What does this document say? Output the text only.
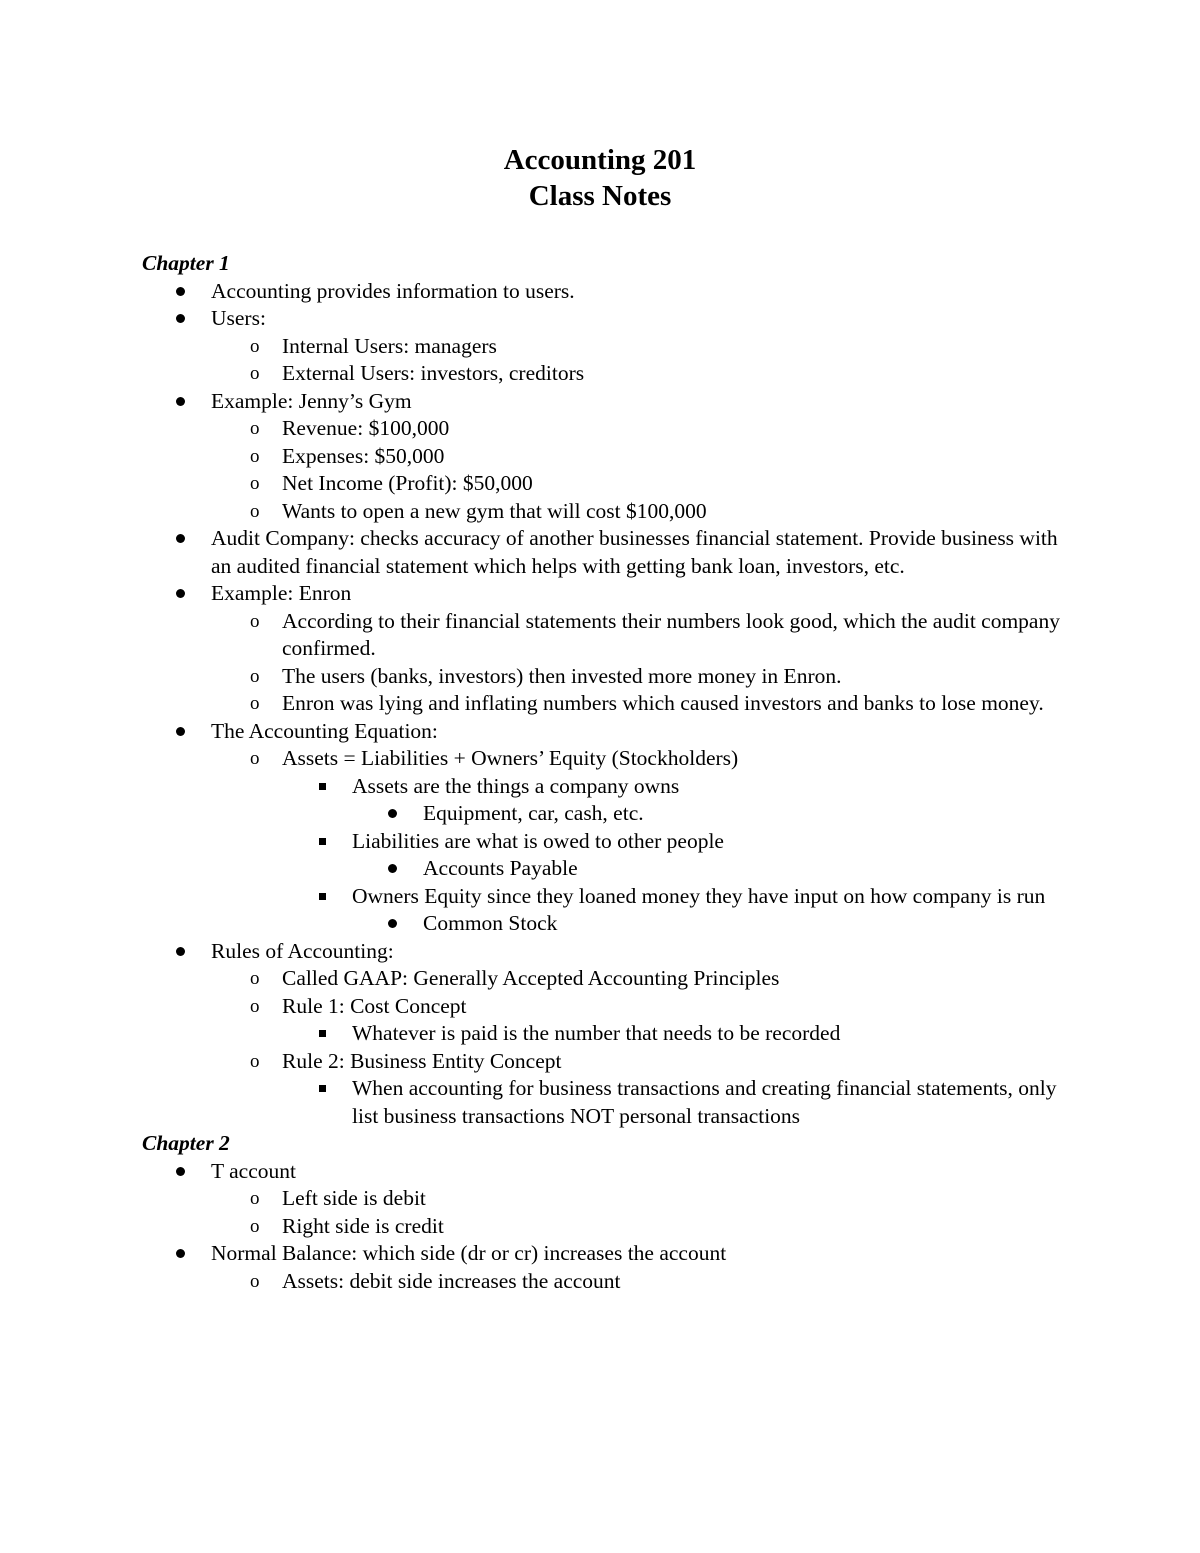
Accounting 201
Class Notes
Chapter 1
Accounting provides information to users.
Users:
o Internal Users: managers
o External Users: investors, creditors
Example: Jenny’s Gym
o Revenue: $100,000
o Expenses: $50,000
o Net Income (Profit): $50,000
o Wants to open a new gym that will cost $100,000
Audit Company: checks accuracy of another businesses financial statement. Provide business with an audited financial statement which helps with getting bank loan, investors, etc.
Example: Enron
o According to their financial statements their numbers look good, which the audit company confirmed.
o The users (banks, investors) then invested more money in Enron.
o Enron was lying and inflating numbers which caused investors and banks to lose money.
The Accounting Equation:
o Assets = Liabilities + Owners’ Equity (Stockholders)
Assets are the things a company owns
Equipment, car, cash, etc.
Liabilities are what is owed to other people
Accounts Payable
Owners Equity since they loaned money they have input on how company is run
Common Stock
Rules of Accounting:
o Called GAAP: Generally Accepted Accounting Principles
o Rule 1: Cost Concept
Whatever is paid is the number that needs to be recorded
o Rule 2: Business Entity Concept
When accounting for business transactions and creating financial statements, only list business transactions NOT personal transactions
Chapter 2
T account
o Left side is debit
o Right side is credit
Normal Balance: which side (dr or cr) increases the account
o Assets: debit side increases the account
